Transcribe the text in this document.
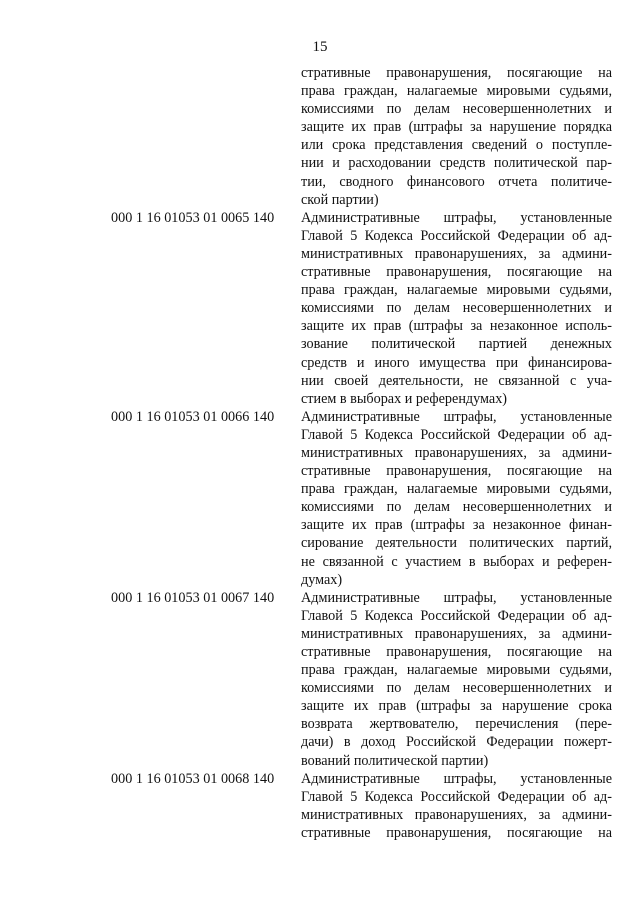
15
стративные правонарушения, посягающие на
права граждан, налагаемые мировыми судьями,
комиссиями по делам несовершеннолетних и
защите их прав (штрафы за нарушение порядка
или срока представления сведений о поступле-
нии и расходовании средств политической пар-
тии, сводного финансового отчета политиче-
ской партии)
000 1 16 01053 01 0065 140 Административные штрафы, установленные
Главой 5 Кодекса Российской Федерации об ад-
министративных правонарушениях, за админи-
стративные правонарушения, посягающие на
права граждан, налагаемые мировыми судьями,
комиссиями по делам несовершеннолетних и
защите их прав (штрафы за незаконное исполь-
зование политической партией денежных
средств и иного имущества при финансирова-
нии своей деятельности, не связанной с уча-
стием в выборах и референдумах)
000 1 16 01053 01 0066 140 Административные штрафы, установленные
Главой 5 Кодекса Российской Федерации об ад-
министративных правонарушениях, за админи-
стративные правонарушения, посягающие на
права граждан, налагаемые мировыми судьями,
комиссиями по делам несовершеннолетних и
защите их прав (штрафы за незаконное финан-
сирование деятельности политических партий,
не связанной с участием в выборах и референ-
думах)
000 1 16 01053 01 0067 140 Административные штрафы, установленные
Главой 5 Кодекса Российской Федерации об ад-
министративных правонарушениях, за админи-
стративные правонарушения, посягающие на
права граждан, налагаемые мировыми судьями,
комиссиями по делам несовершеннолетних и
защите их прав (штрафы за нарушение срока
возврата жертвователю, перечисления (пере-
дачи) в доход Российской Федерации пожерт-
вований политической партии)
000 1 16 01053 01 0068 140 Административные штрафы, установленные
Главой 5 Кодекса Российской Федерации об ад-
министративных правонарушениях, за админи-
стративные правонарушения, посягающие на
